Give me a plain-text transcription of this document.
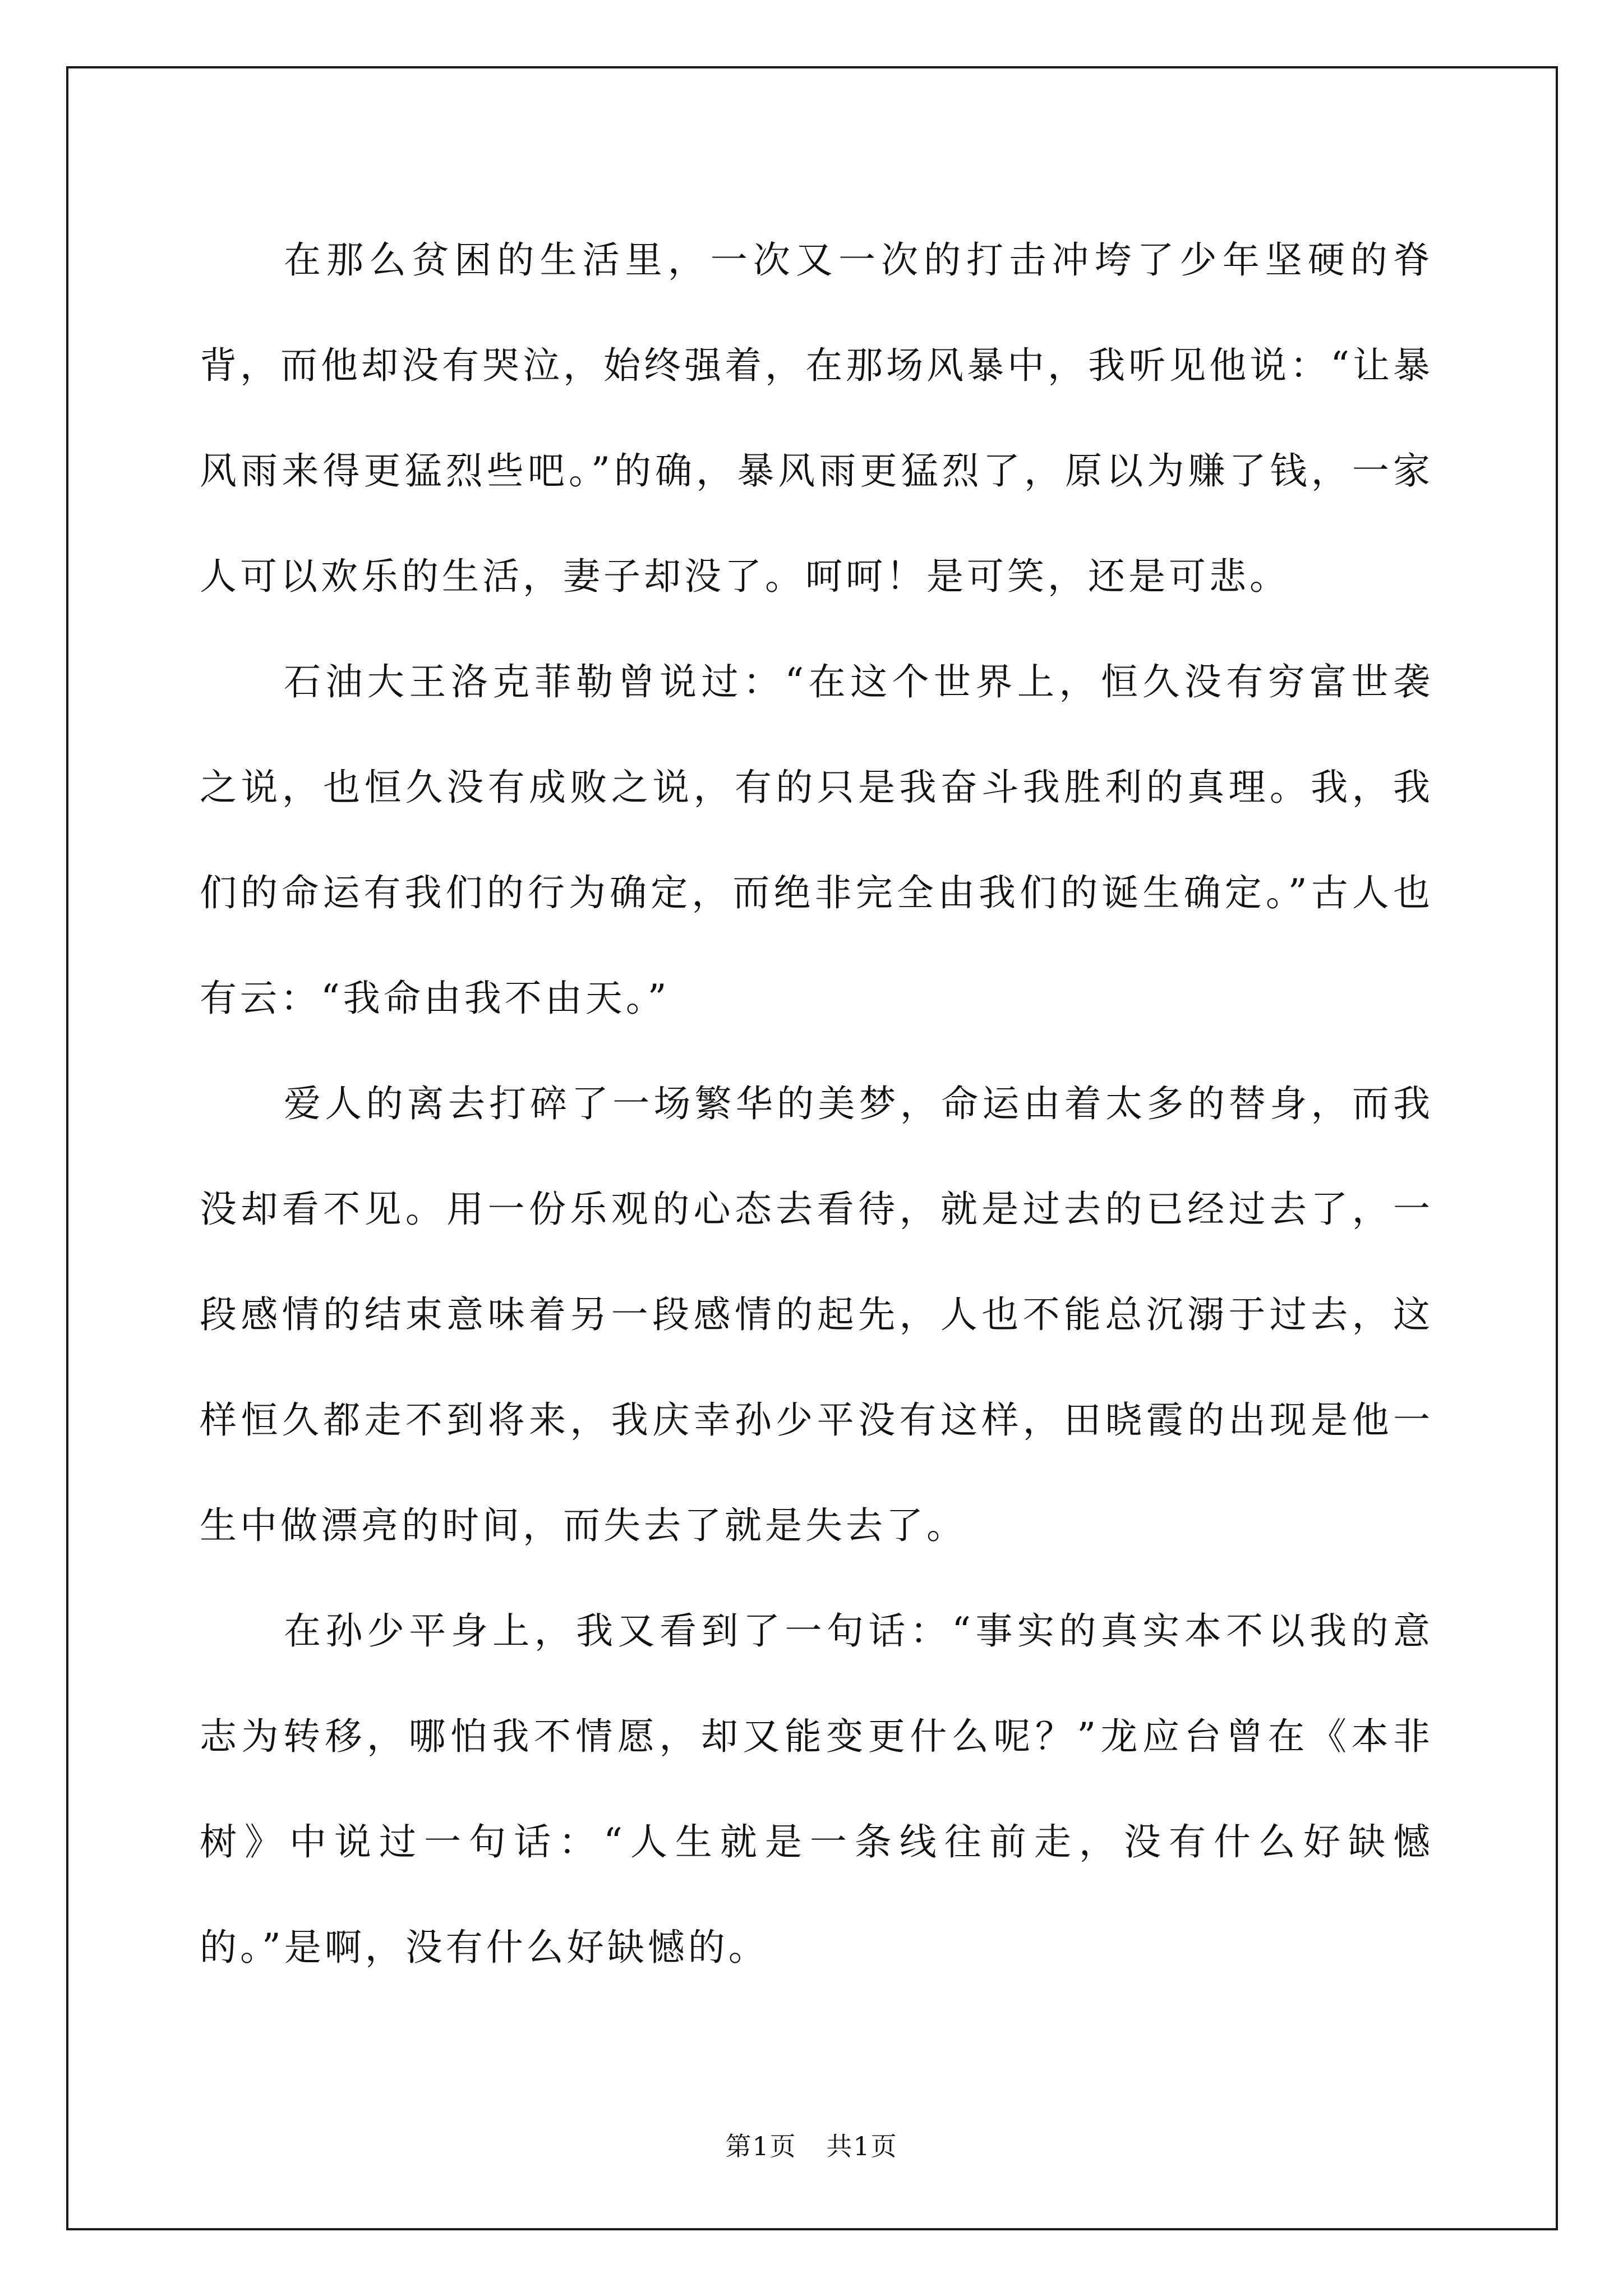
在那么贫困的生活里，一次又一次的打击冲垮了少年坚硬的脊背，而他却没有哭泣，始终强着，在那场风暴中，我听见他说：“让暴风雨来得更猛烈些吧。”的确，暴风雨更猛烈了，原以为赚了钱，一家人可以欢乐的生活，妻子却没了。呵呵！是可笑，还是可悲。

石油大王洛克菲勒曾说过：“在这个世界上，恒久没有穷富世袭之说，也恒久没有成败之说，有的只是我奋斗我胜利的真理。我，我们的命运有我们的行为确定，而绝非完全由我们的诞生确定。”古人也有云：“我命由我不由天。”

爱人的离去打碎了一场繁华的美梦，命运由着太多的替身，而我没却看不见。用一份乐观的心态去看待，就是过去的已经过去了，一段感情的结束意味着另一段感情的起先，人也不能总沉溺于过去，这样恒久都走不到将来，我庆幸孙少平没有这样，田晓霞的出现是他一生中做漂亮的时间，而失去了就是失去了。

在孙少平身上，我又看到了一句话：“事实的真实本不以我的意志为转移，哪怕我不情愿，却又能变更什么呢？”龙应台曾在《本非树》中说过一句话：“人生就是一条线往前走，没有什么好缺憾的。”是啊，没有什么好缺憾的。

第1页 共1页
